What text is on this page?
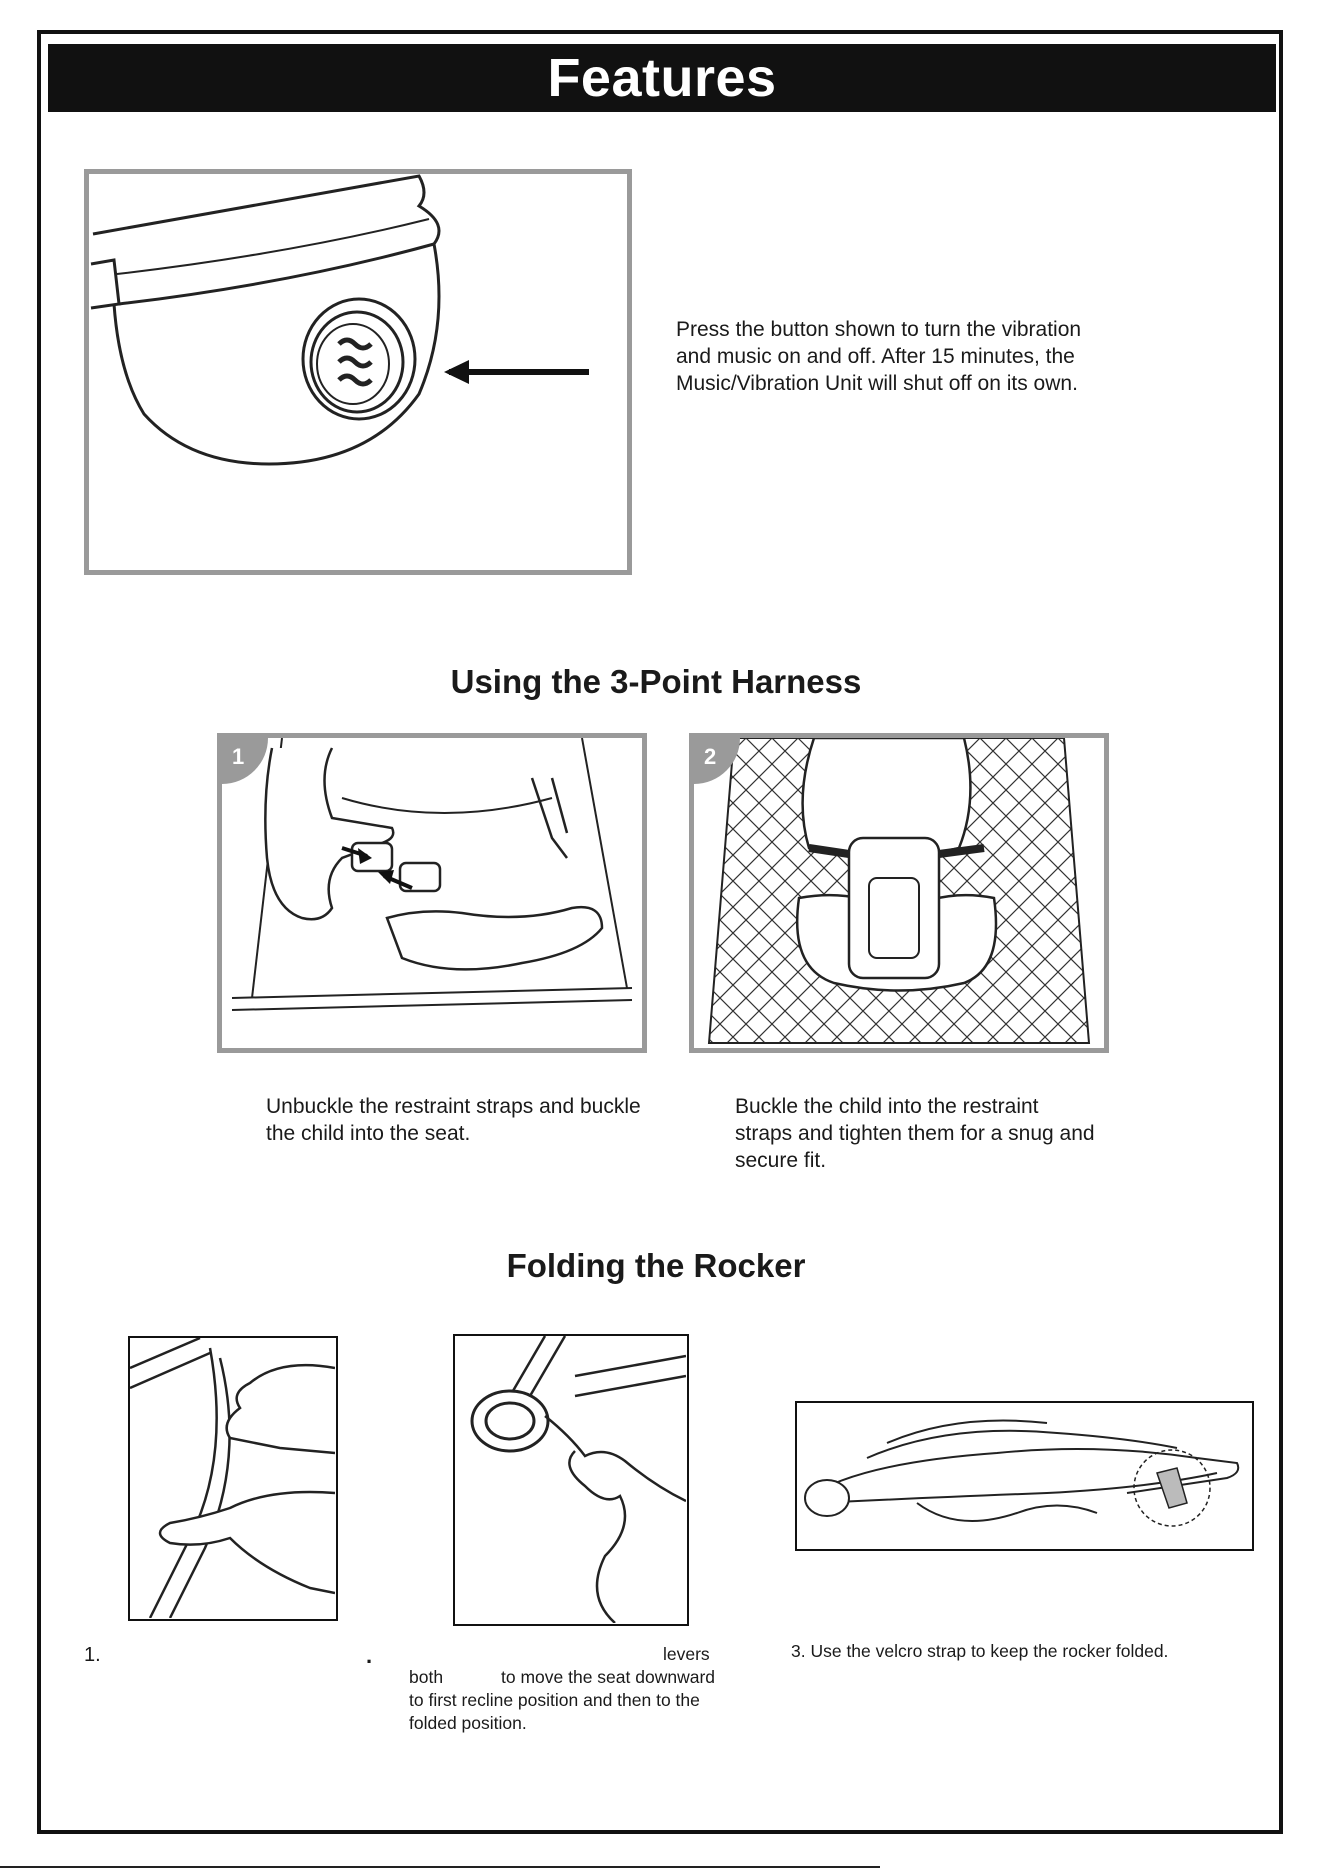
Features
Press the button shown to turn the vibration and music on and off. After 15 minutes, the Music/Vibration Unit will shut off on its own.
Using the 3-Point Harness
1	2
Unbuckle the restraint straps and buckle the child into the seat.
Buckle the child into the restraint straps and tighten them for a snug and secure fit.
Folding the Rocker
1.	.	levers
both	to move the seat downward
to first recline position and then to the
folded position.
3. Use the velcro strap to keep the rocker folded.
